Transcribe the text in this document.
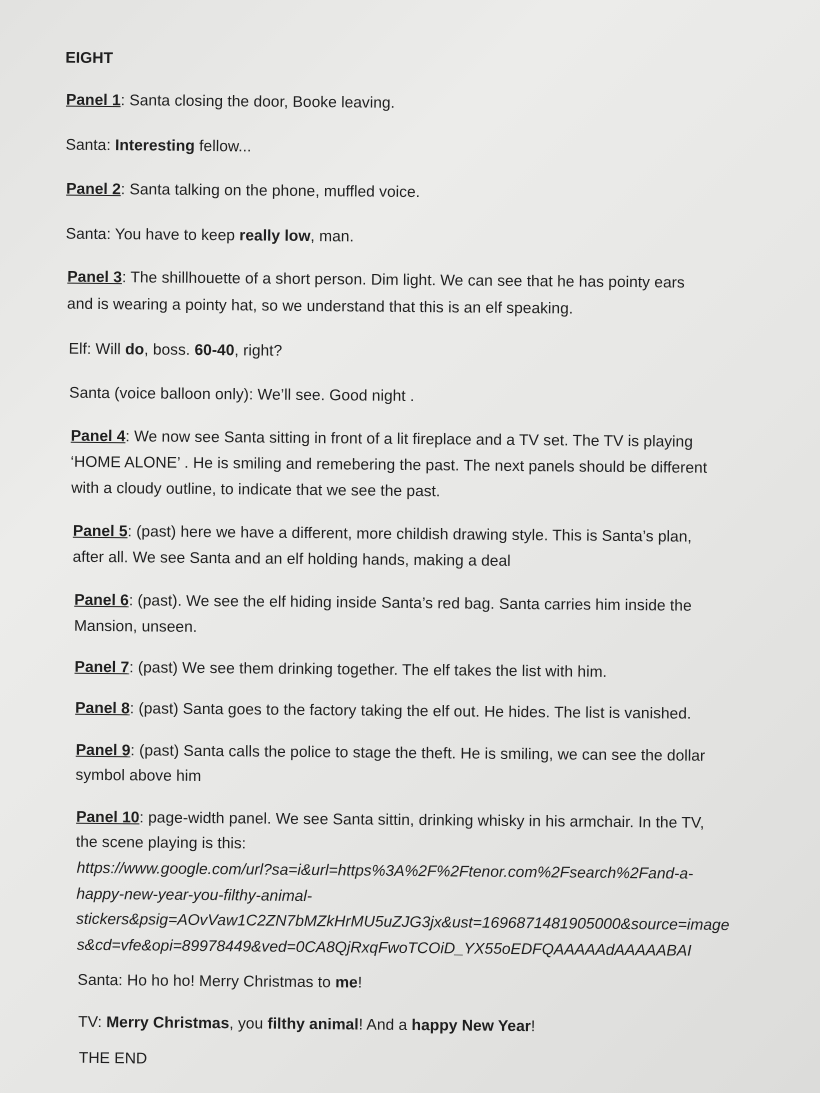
EIGHT
Panel 1: Santa closing the door, Booke leaving.
Santa: Interesting fellow...
Panel 2: Santa talking on the phone, muffled voice.
Santa: You have to keep really low, man.
Panel 3: The shillhouette of a short person. Dim light. We can see that he has pointy ears
and is wearing a pointy hat, so we understand that this is an elf speaking.
Elf: Will do, boss. 60-40, right?
Santa (voice balloon only): We’ll see. Good night .
Panel 4: We now see Santa sitting in front of a lit fireplace and a TV set. The TV is playing
‘HOME ALONE’ . He is smiling and remebering the past. The next panels should be different
with a cloudy outline, to indicate that we see the past.
Panel 5: (past) here we have a different, more childish drawing style. This is Santa’s plan,
after all. We see Santa and an elf holding hands, making a deal
Panel 6: (past). We see the elf hiding inside Santa’s red bag. Santa carries him inside the
Mansion, unseen.
Panel 7: (past) We see them drinking together. The elf takes the list with him.
Panel 8: (past) Santa goes to the factory taking the elf out. He hides. The list is vanished.
Panel 9: (past) Santa calls the police to stage the theft. He is smiling, we can see the dollar
symbol above him
Panel 10: page-width panel. We see Santa sittin, drinking whisky in his armchair. In the TV,
the scene playing is this:
https://www.google.com/url?sa=i&url=https%3A%2F%2Ftenor.com%2Fsearch%2Fand-a-
happy-new-year-you-filthy-animal-
stickers&psig=AOvVaw1C2ZN7bMZkHrMU5uZJG3jx&ust=1696871481905000&source=image
s&cd=vfe&opi=89978449&ved=0CA8QjRxqFwoTCOiD_YX55oEDFQAAAAAdAAAAABAI
Santa: Ho ho ho! Merry Christmas to me!
TV: Merry Christmas, you filthy animal! And a happy New Year!
THE END
